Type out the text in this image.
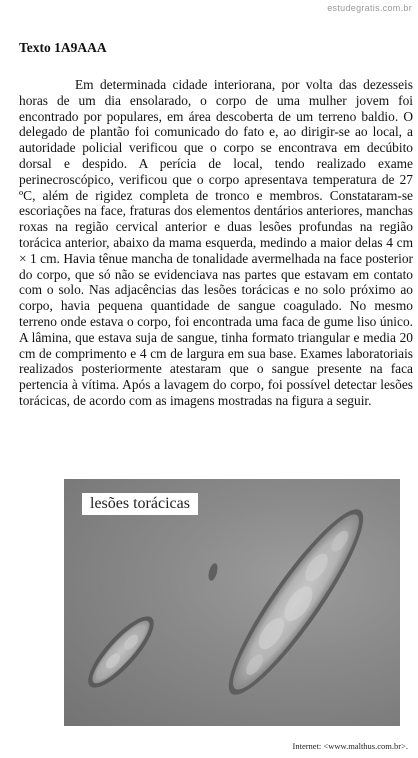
estudegratis.com.br
Texto 1A9AAA

Em determinada cidade interiorana, por volta das dezesseis horas de um dia ensolarado, o corpo de uma mulher jovem foi encontrado por populares, em área descoberta de um terreno baldio. O delegado de plantão foi comunicado do fato e, ao dirigir-se ao local, a autoridade policial verificou que o corpo se encontrava em decúbito dorsal e despido. A perícia de local, tendo realizado exame perinecroscópico, verificou que o corpo apresentava temperatura de 27 ºC, além de rigidez completa de tronco e membros. Constataram-se escoriações na face, fraturas dos elementos dentários anteriores, manchas roxas na região cervical anterior e duas lesões profundas na região torácica anterior, abaixo da mama esquerda, medindo a maior delas 4 cm × 1 cm. Havia tênue mancha de tonalidade avermelhada na face posterior do corpo, que só não se evidenciava nas partes que estavam em contato com o solo. Nas adjacências das lesões torácicas e no solo próximo ao corpo, havia pequena quantidade de sangue coagulado. No mesmo terreno onde estava o corpo, foi encontrada uma faca de gume liso único. A lâmina, que estava suja de sangue, tinha formato triangular e media 20 cm de comprimento e 4 cm de largura em sua base. Exames laboratoriais realizados posteriormente atestaram que o sangue presente na faca pertencia à vítima. Após a lavagem do corpo, foi possível detectar lesões torácicas, de acordo com as imagens mostradas na figura a seguir.

lesões torácicas
Internet: <www.malthus.com.br>.
